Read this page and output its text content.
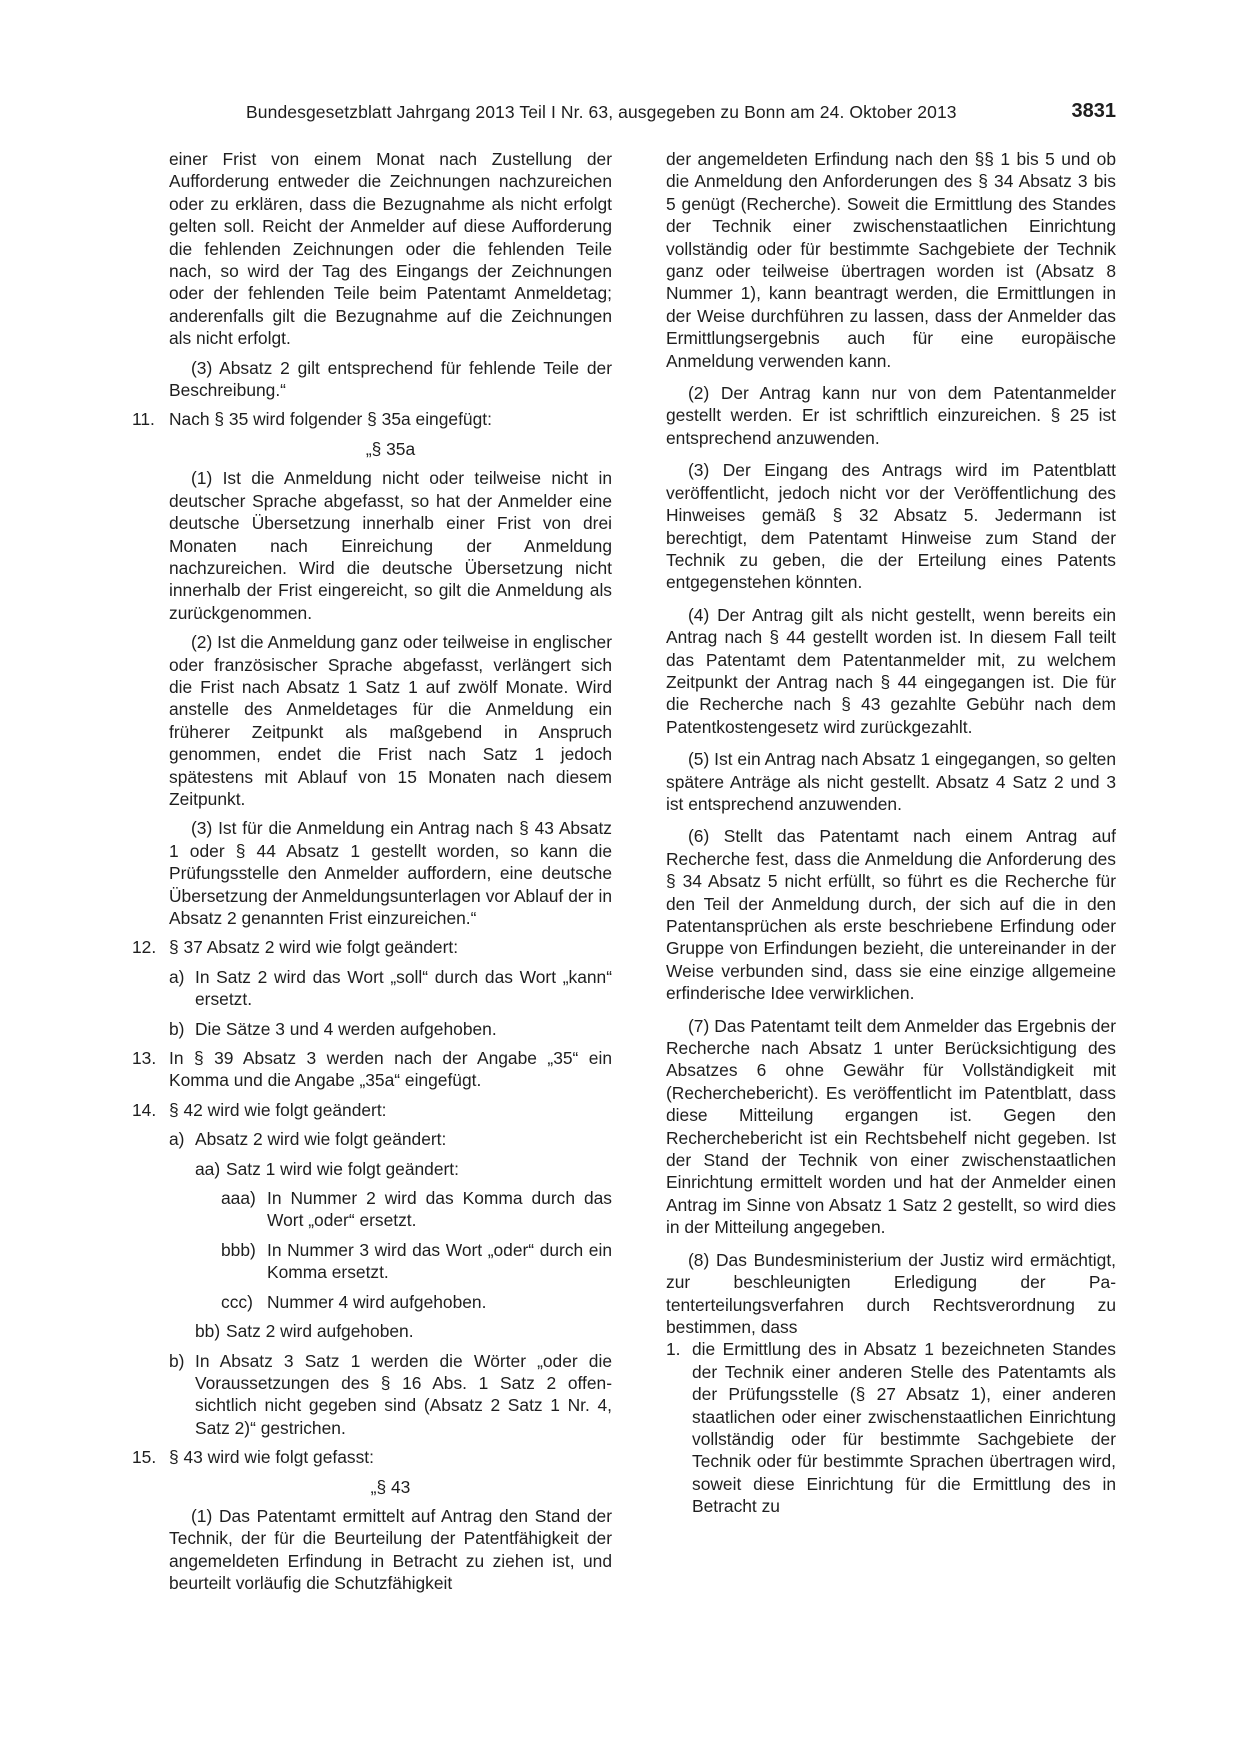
Bundesgesetzblatt Jahrgang 2013 Teil I Nr. 63, ausgegeben zu Bonn am 24. Oktober 2013	3831

einer Frist von einem Monat nach Zustellung der Aufforderung entweder die Zeichnungen nachzureichen oder zu erklären, dass die Bezugnahme als nicht erfolgt gelten soll. Reicht der Anmelder auf diese Aufforderung die fehlenden Zeichnungen oder die fehlenden Teile nach, so wird der Tag des Eingangs der Zeichnungen oder der fehlenden Teile beim Patentamt Anmeldetag; anderenfalls gilt die Bezugnahme auf die Zeichnungen als nicht erfolgt.

(3) Absatz 2 gilt entsprechend für fehlende Teile der Beschreibung.“

11. Nach § 35 wird folgender § 35a eingefügt:

„§ 35a

(1) Ist die Anmeldung nicht oder teilweise nicht in deutscher Sprache abgefasst, so hat der Anmelder eine deutsche Übersetzung innerhalb einer Frist von drei Monaten nach Einreichung der Anmeldung nachzureichen. Wird die deutsche Übersetzung nicht innerhalb der Frist eingereicht, so gilt die Anmeldung als zurückgenommen.

(2) Ist die Anmeldung ganz oder teilweise in englischer oder französischer Sprache abgefasst, verlängert sich die Frist nach Absatz 1 Satz 1 auf zwölf Monate. Wird anstelle des Anmeldetages für die Anmeldung ein früherer Zeitpunkt als maßgebend in Anspruch genommen, endet die Frist nach Satz 1 jedoch spätestens mit Ablauf von 15 Monaten nach diesem Zeitpunkt.

(3) Ist für die Anmeldung ein Antrag nach § 43 Absatz 1 oder § 44 Absatz 1 gestellt worden, so kann die Prüfungsstelle den Anmelder auffordern, eine deutsche Übersetzung der Anmeldungsunterlagen vor Ablauf der in Absatz 2 genannten Frist einzureichen.“

12. § 37 Absatz 2 wird wie folgt geändert:
a) In Satz 2 wird das Wort „soll“ durch das Wort „kann“ ersetzt.
b) Die Sätze 3 und 4 werden aufgehoben.
13. In § 39 Absatz 3 werden nach der Angabe „35“ ein Komma und die Angabe „35a“ eingefügt.
14. § 42 wird wie folgt geändert:
a) Absatz 2 wird wie folgt geändert:
aa) Satz 1 wird wie folgt geändert:
aaa) In Nummer 2 wird das Komma durch das Wort „oder“ ersetzt.
bbb) In Nummer 3 wird das Wort „oder“ durch ein Komma ersetzt.
ccc) Nummer 4 wird aufgehoben.
bb) Satz 2 wird aufgehoben.
b) In Absatz 3 Satz 1 werden die Wörter „oder die Voraussetzungen des § 16 Abs. 1 Satz 2 offensichtlich nicht gegeben sind (Absatz 2 Satz 1 Nr. 4, Satz 2)“ gestrichen.
15. § 43 wird wie folgt gefasst:

„§ 43

(1) Das Patentamt ermittelt auf Antrag den Stand der Technik, der für die Beurteilung der Patentfähigkeit der angemeldeten Erfindung in Betracht zu ziehen ist, und beurteilt vorläufig die Schutzfähigkeit

der angemeldeten Erfindung nach den §§ 1 bis 5 und ob die Anmeldung den Anforderungen des § 34 Absatz 3 bis 5 genügt (Recherche). Soweit die Ermittlung des Standes der Technik einer zwischenstaatlichen Einrichtung vollständig oder für bestimmte Sachgebiete der Technik ganz oder teilweise übertragen worden ist (Absatz 8 Nummer 1), kann beantragt werden, die Ermittlungen in der Weise durchführen zu lassen, dass der Anmelder das Ermittlungsergebnis auch für eine europäische Anmeldung verwenden kann.

(2) Der Antrag kann nur von dem Patentanmelder gestellt werden. Er ist schriftlich einzureichen. § 25 ist entsprechend anzuwenden.

(3) Der Eingang des Antrags wird im Patentblatt veröffentlicht, jedoch nicht vor der Veröffentlichung des Hinweises gemäß § 32 Absatz 5. Jedermann ist berechtigt, dem Patentamt Hinweise zum Stand der Technik zu geben, die der Erteilung eines Patents entgegenstehen könnten.

(4) Der Antrag gilt als nicht gestellt, wenn bereits ein Antrag nach § 44 gestellt worden ist. In diesem Fall teilt das Patentamt dem Patentanmelder mit, zu welchem Zeitpunkt der Antrag nach § 44 eingegangen ist. Die für die Recherche nach § 43 gezahlte Gebühr nach dem Patentkostengesetz wird zurückgezahlt.

(5) Ist ein Antrag nach Absatz 1 eingegangen, so gelten spätere Anträge als nicht gestellt. Absatz 4 Satz 2 und 3 ist entsprechend anzuwenden.

(6) Stellt das Patentamt nach einem Antrag auf Recherche fest, dass die Anmeldung die Anforderung des § 34 Absatz 5 nicht erfüllt, so führt es die Recherche für den Teil der Anmeldung durch, der sich auf die in den Patentansprüchen als erste beschriebene Erfindung oder Gruppe von Erfindungen bezieht, die untereinander in der Weise verbunden sind, dass sie eine einzige allgemeine erfinderische Idee verwirklichen.

(7) Das Patentamt teilt dem Anmelder das Ergebnis der Recherche nach Absatz 1 unter Berücksichtigung des Absatzes 6 ohne Gewähr für Vollständigkeit mit (Recherchebericht). Es veröffentlicht im Patentblatt, dass diese Mitteilung ergangen ist. Gegen den Recherchebericht ist ein Rechtsbehelf nicht gegeben. Ist der Stand der Technik von einer zwischenstaatlichen Einrichtung ermittelt worden und hat der Anmelder einen Antrag im Sinne von Absatz 1 Satz 2 gestellt, so wird dies in der Mitteilung angegeben.

(8) Das Bundesministerium der Justiz wird ermächtigt, zur beschleunigten Erledigung der Patenterteilungsverfahren durch Rechtsverordnung zu bestimmen, dass

1. die Ermittlung des in Absatz 1 bezeichneten Standes der Technik einer anderen Stelle des Patentamts als der Prüfungsstelle (§ 27 Absatz 1), einer anderen staatlichen oder einer zwischenstaatlichen Einrichtung vollständig oder für bestimmte Sachgebiete der Technik oder für bestimmte Sprachen übertragen wird, soweit diese Einrichtung für die Ermittlung des in Betracht zu
